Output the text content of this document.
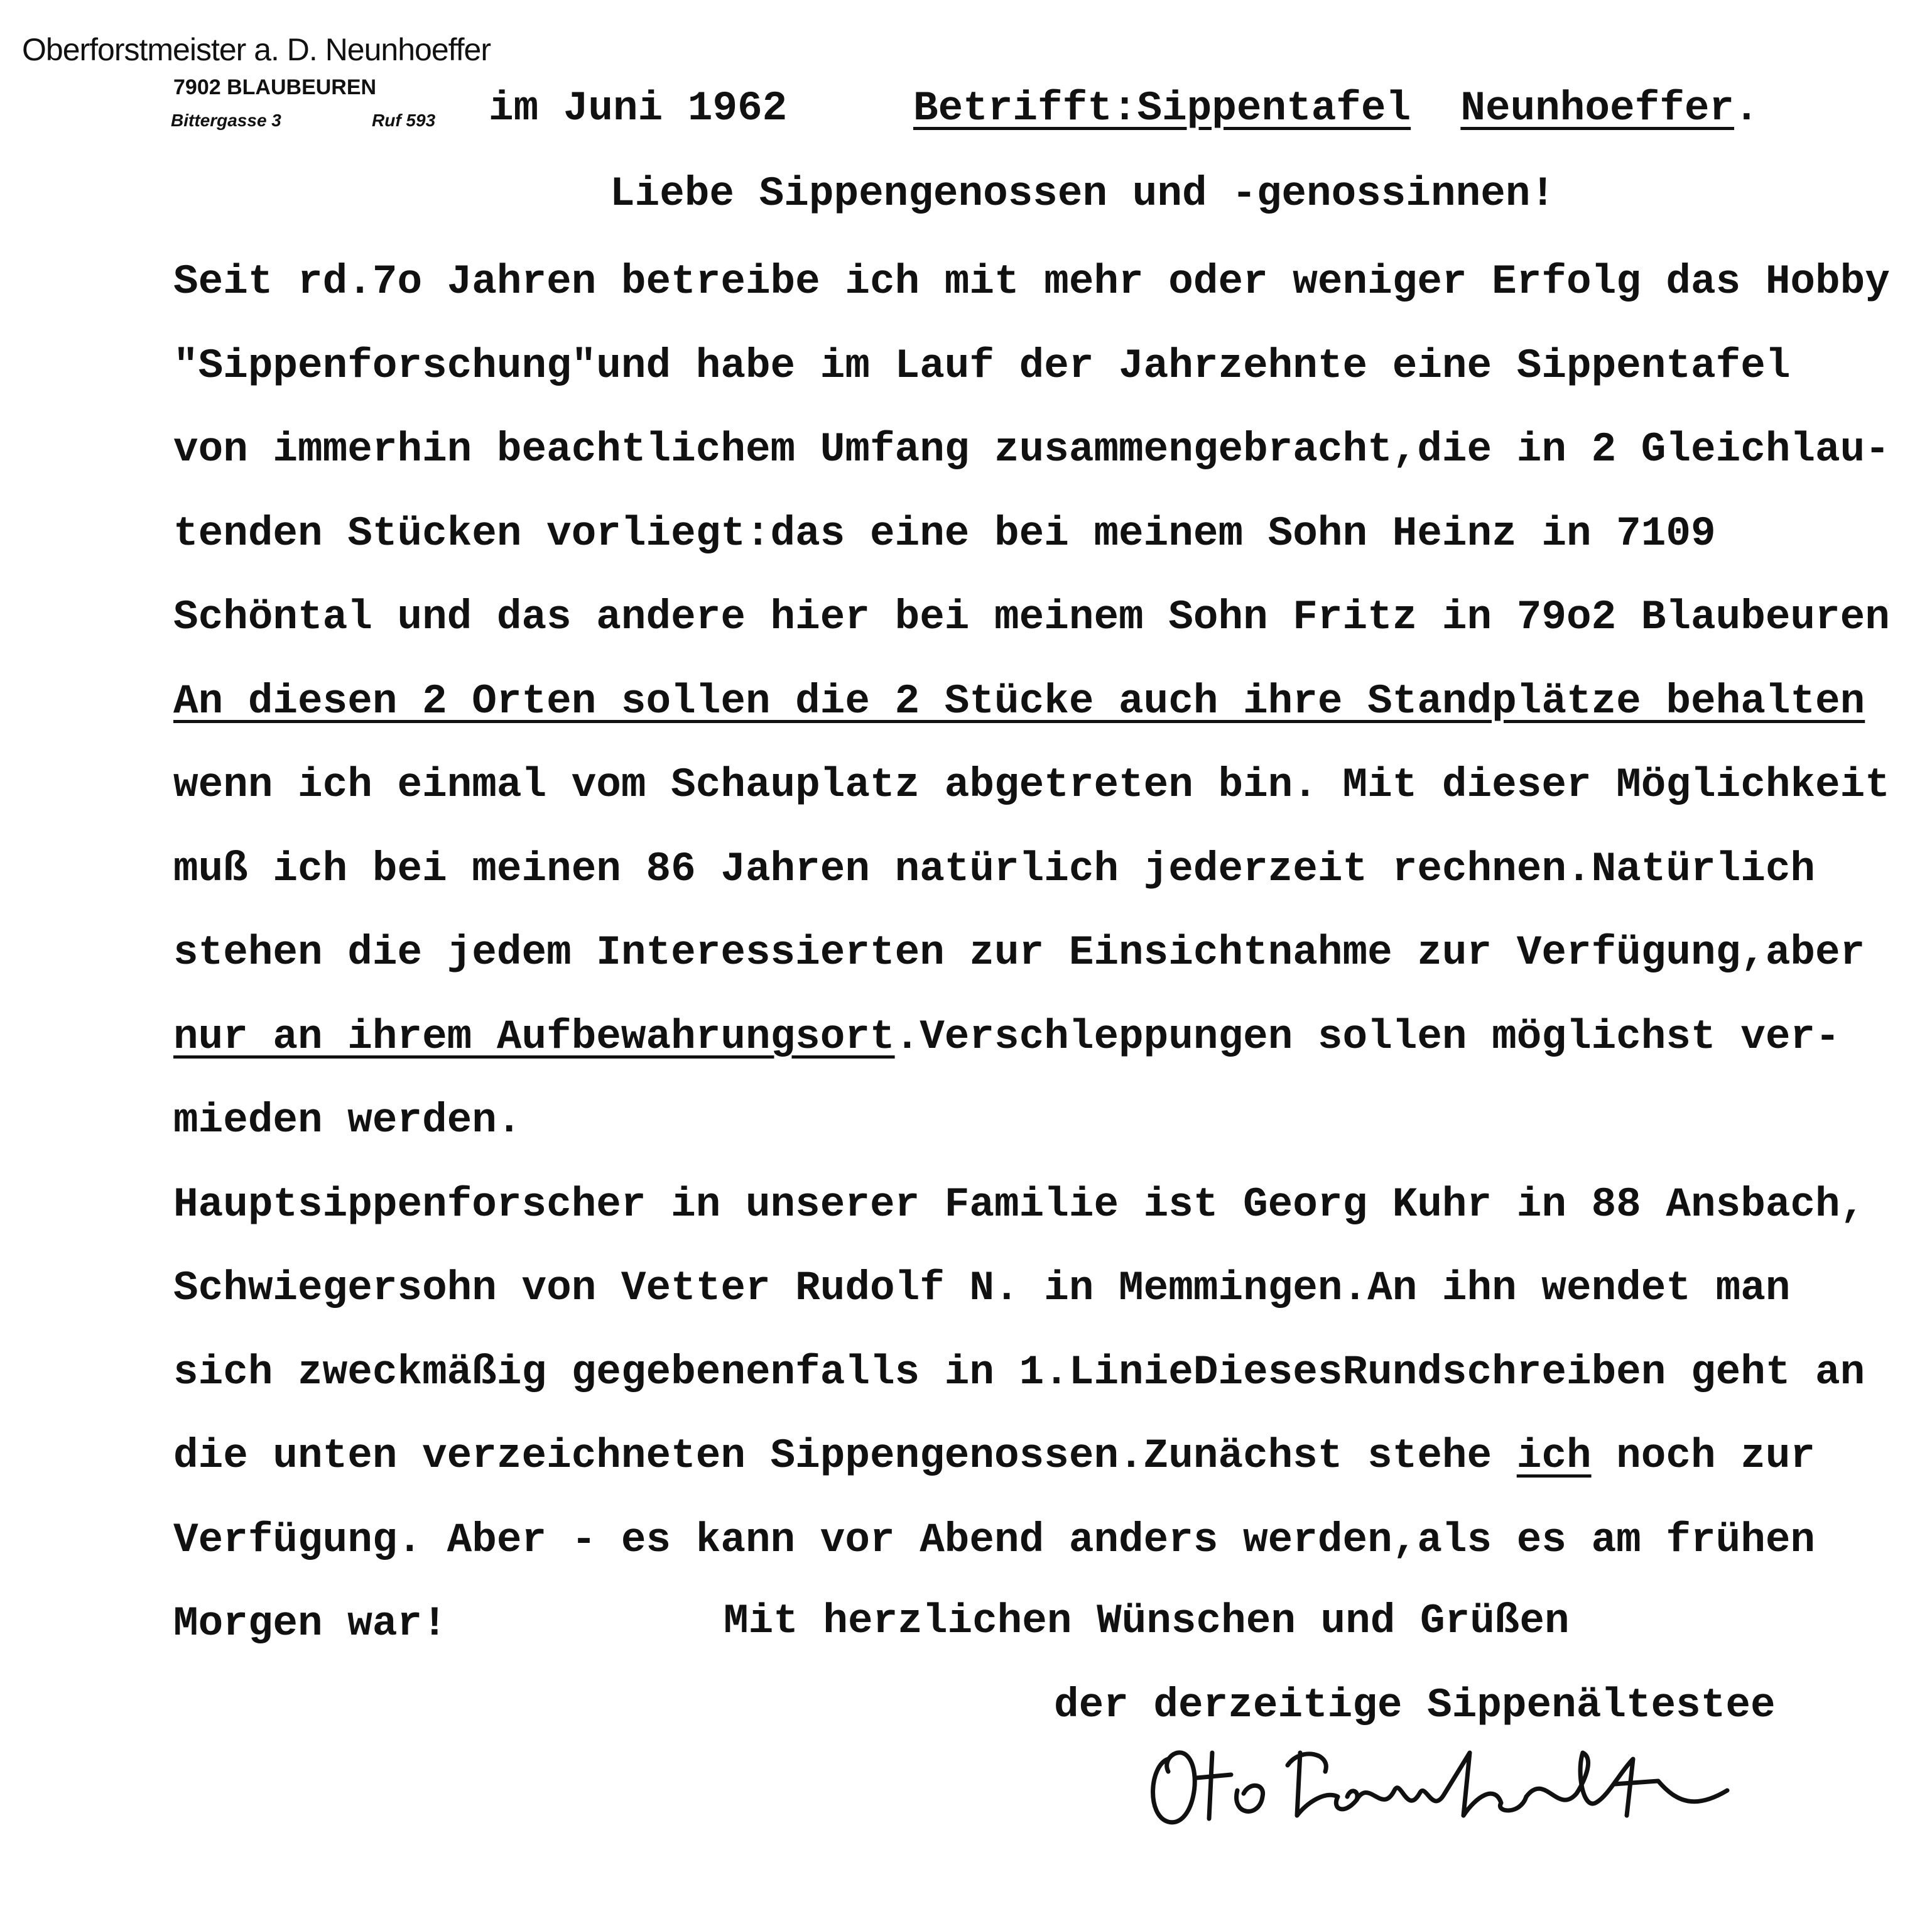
Oberforstmeister a. D. Neunhoeffer
7902 BLAUBEUREN
Bittergasse 3	Ruf 593 im Juni 1962	Betrifft:Sippentafel Neunhoeffer.
Liebe Sippengenossen und -genossinnen!
Seit rd.7o Jahren betreibe ich mit mehr oder weniger Erfolg das Hobby
"Sippenforschung"und habe im Lauf der Jahrzehnte eine Sippentafel
von immerhin beachtlichem Umfang zusammengebracht,die in 2 Gleichlau-
tenden Stücken vorliegt:das eine bei meinem Sohn Heinz in 7109
Schöntal und das andere hier bei meinem Sohn Fritz in 79o2 Blaubeuren
An diesen 2 Orten sollen die 2 Stücke auch ihre Standplätze behalten
wenn ich einmal vom Schauplatz abgetreten bin. Mit dieser Möglichkeit
muß ich bei meinen 86 Jahren natürlich jederzeit rechnen.Natürlich
stehen die jedem Interessierten zur Einsichtnahme zur Verfügung,aber
nur an ihrem Aufbewahrungsort.Verschleppungen sollen möglichst ver-
mieden werden.
Hauptsippenforscher in unserer Familie ist Georg Kuhr in 88 Ansbach,
Schwiegersohn von Vetter Rudolf N. in Memmingen.An ihn wendet man
sich zweckmäßig gegebenenfalls in 1.LinieDiesesRundschreiben geht an
die unten verzeichneten Sippengenossen.Zunächst stehe ich noch zur
Verfügung. Aber - es kann vor Abend anders werden,als es am frühen
Morgen war!	Mit herzlichen Wünschen und Grüßen
der derzeitige Sippenältestee
